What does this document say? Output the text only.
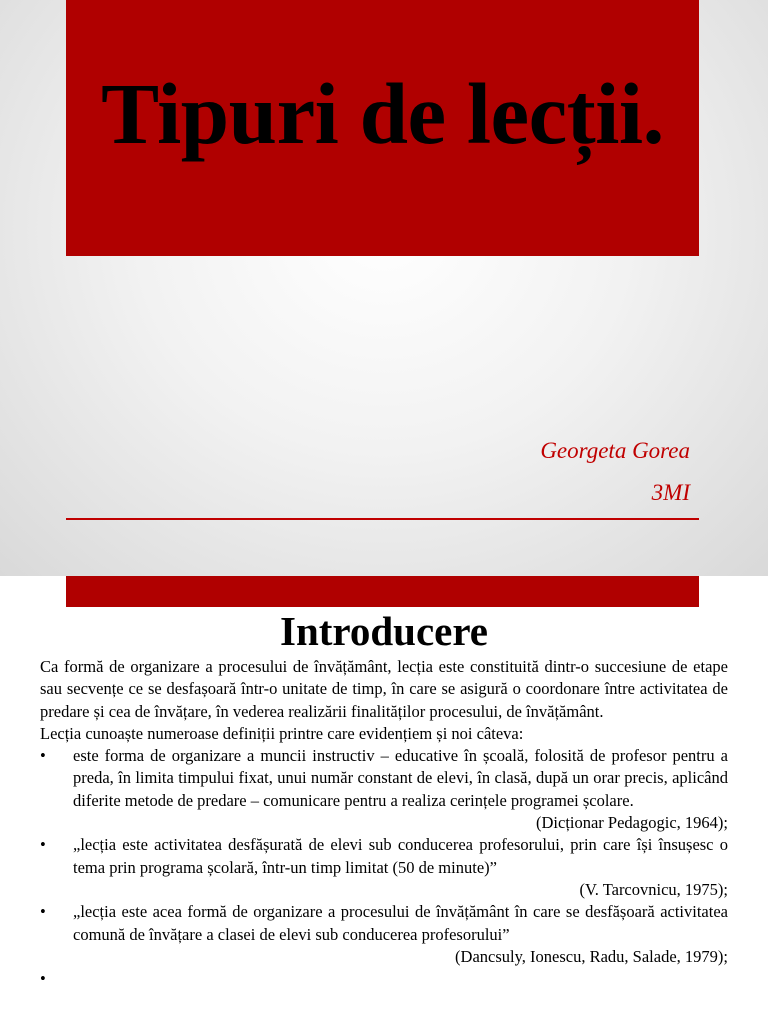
Tipuri de lecții.
Georgeta Gorea
3MI
Introducere

Ca formă de organizare a procesului de învățământ, lecția este constituită dintr-o succesiune de etape sau secvențe ce se desfașoară într-o unitate de timp, în care se asigură o coordonare între activitatea de predare și cea de învățare, în vederea realizării finalităților procesului, de învățământ.

Lecția cunoaște numeroase definiții printre care evidențiem și noi câteva:

•	este forma de organizare a muncii instructiv – educative în școală, folosită de profesor pentru a preda, în limita timpului fixat, unui număr constant de elevi, în clasă, după un orar precis, aplicând diferite metode de predare – comunicare pentru a realiza cerințele programei școlare.

(Dicționar Pedagogic, 1964);

•	„lecția este activitatea desfășurată de elevi sub conducerea profesorului, prin care își însușesc o tema prin programa școlară, într-un timp limitat (50 de minute)”

(V. Tarcovnicu, 1975);

•	„lecția este acea formă de organizare a procesului de învățământ în care se desfășoară activitatea comună de învățare a clasei de elevi sub conducerea profesorului”

(Dancsuly, Ionescu, Radu, Salade, 1979);

•
